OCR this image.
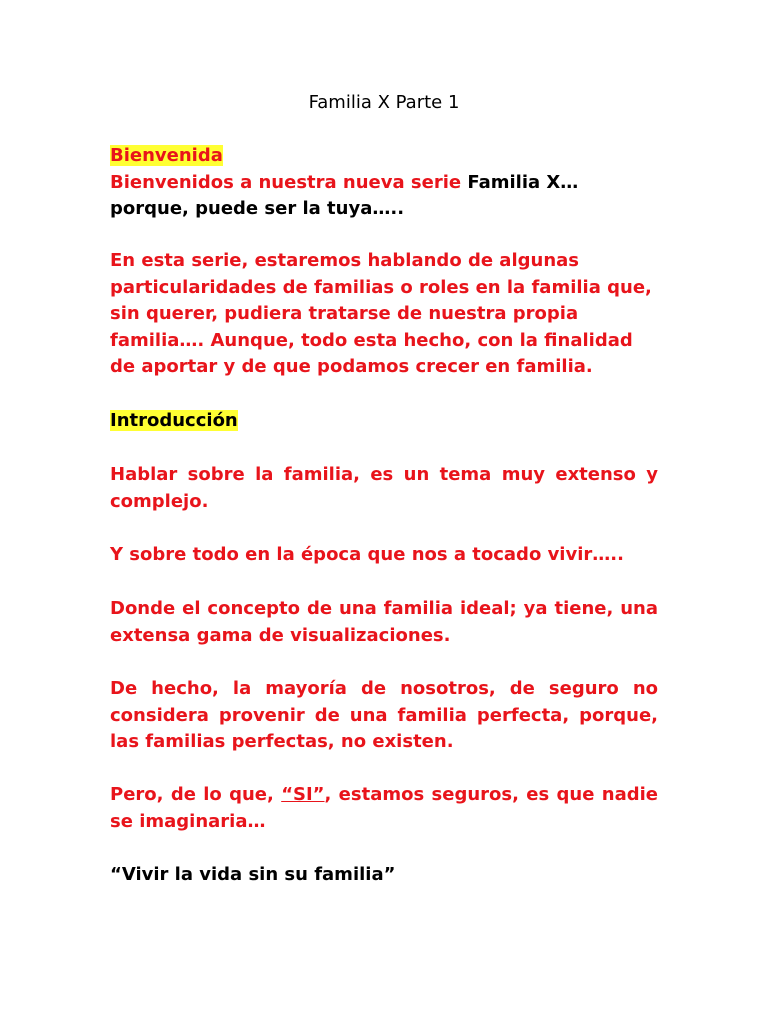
Familia X Parte 1

Bienvenida

Bienvenidos a nuestra nueva serie Familia X… porque, puede ser la tuya…..

En esta serie, estaremos hablando de algunas particularidades de familias o roles en la familia que, sin querer, pudiera tratarse de nuestra propia familia…. Aunque, todo esta hecho, con la finalidad de aportar y de que podamos crecer en familia.

Introducción

Hablar sobre la familia, es un tema muy extenso y complejo.

Y sobre todo en la época que nos a tocado vivir…..

Donde el concepto de una familia ideal; ya tiene, una extensa gama de visualizaciones.

De hecho, la mayoría de nosotros, de seguro no considera provenir de una familia perfecta, porque, las familias perfectas, no existen.

Pero, de lo que, “SI”, estamos seguros, es que nadie se imaginaria…

“Vivir la vida sin su familia”
